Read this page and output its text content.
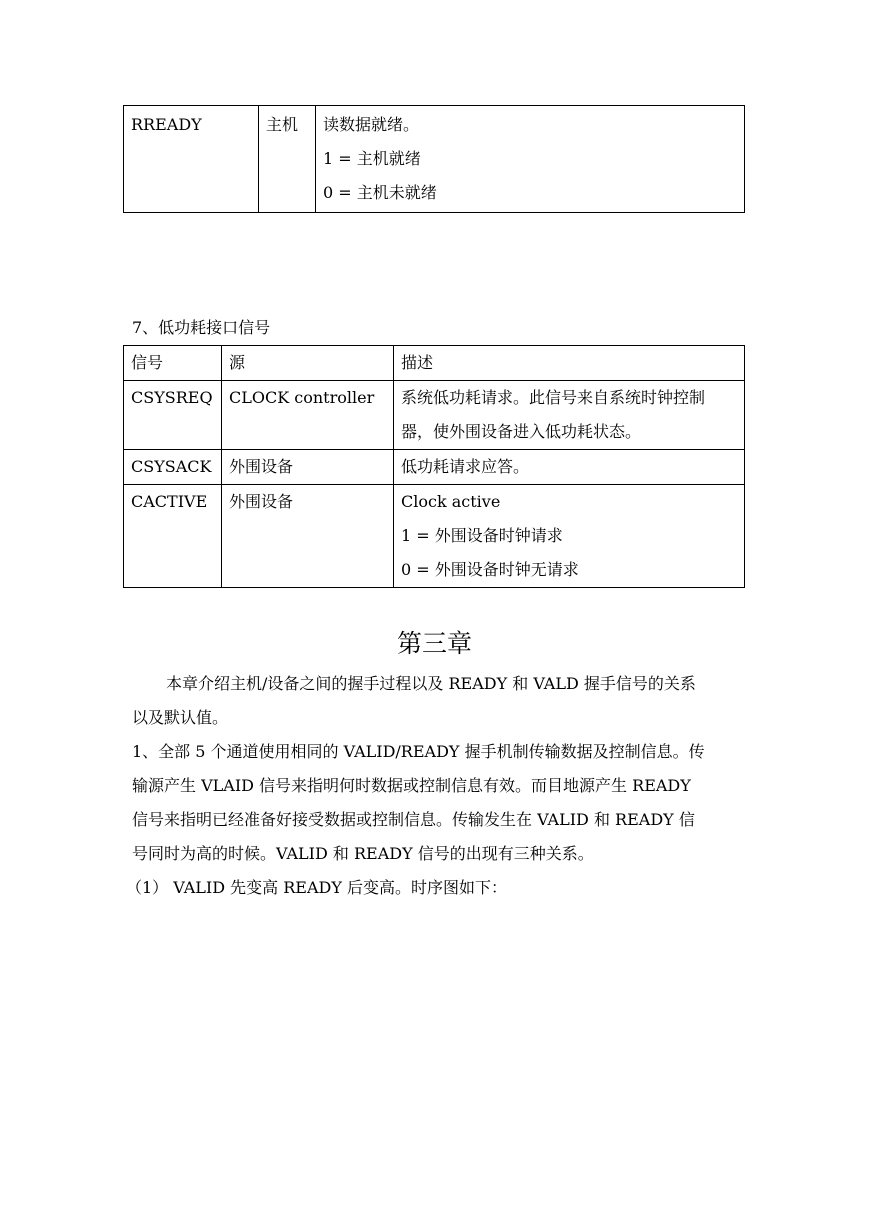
RREADY	主机	读数据就绪。
1 = 主机就绪
0 = 主机未就绪
7、低功耗接口信号
信号	源	描述
CSYSREQ	CLOCK controller	系统低功耗请求。此信号来自系统时钟控制
器，使外围设备进入低功耗状态。

CSYSACK	外围设备	低功耗请求应答。

CACTIVE	外围设备	Clock active
1 = 外围设备时钟请求
0 = 外围设备时钟无请求
第三章
本章介绍主机/设备之间的握手过程以及 READY 和 VALD 握手信号的关系
以及默认值。
1、全部 5 个通道使用相同的 VALID/READY 握手机制传输数据及控制信息。传
输源产生 VLAID 信号来指明何时数据或控制信息有效。而目地源产生 READY
信号来指明已经准备好接受数据或控制信息。传输发生在 VALID 和 READY 信
号同时为高的时候。VALID 和 READY 信号的出现有三种关系。
（1） VALID 先变高 READY 后变高。时序图如下：
